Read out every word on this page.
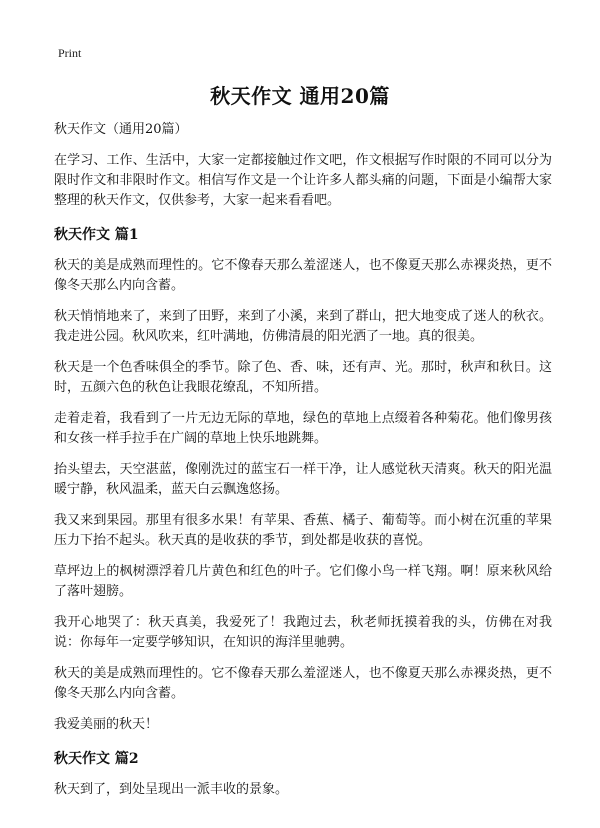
Print
秋天作文 通用20篇

秋天作文（通用20篇）

在学习、工作、生活中，大家一定都接触过作文吧，作文根据写作时限的不同可以分为限时作文和非限时作文。相信写作文是一个让许多人都头痛的问题，下面是小编帮大家整理的秋天作文，仅供参考，大家一起来看看吧。

秋天作文 篇1

秋天的美是成熟而理性的。它不像春天那么羞涩迷人，也不像夏天那么赤裸炎热，更不像冬天那么内向含蓄。

秋天悄悄地来了，来到了田野，来到了小溪，来到了群山，把大地变成了迷人的秋衣。我走进公园。秋风吹来，红叶满地，仿佛清晨的阳光洒了一地。真的很美。

秋天是一个色香味俱全的季节。除了色、香、味，还有声、光。那时，秋声和秋日。这时，五颜六色的秋色让我眼花缭乱，不知所措。

走着走着，我看到了一片无边无际的草地，绿色的草地上点缀着各种菊花。他们像男孩和女孩一样手拉手在广阔的草地上快乐地跳舞。

抬头望去，天空湛蓝，像刚洗过的蓝宝石一样干净，让人感觉秋天清爽。秋天的阳光温暖宁静，秋风温柔，蓝天白云飘逸悠扬。

我又来到果园。那里有很多水果！有苹果、香蕉、橘子、葡萄等。而小树在沉重的苹果压力下抬不起头。秋天真的是收获的季节，到处都是收获的喜悦。

草坪边上的枫树漂浮着几片黄色和红色的叶子。它们像小鸟一样飞翔。啊！原来秋风给了落叶翅膀。

我开心地哭了：秋天真美，我爱死了！我跑过去，秋老师抚摸着我的头，仿佛在对我说：你每年一定要学够知识，在知识的海洋里驰骋。

秋天的美是成熟而理性的。它不像春天那么羞涩迷人，也不像夏天那么赤裸炎热，更不像冬天那么内向含蓄。

我爱美丽的秋天！

秋天作文 篇2

秋天到了，到处呈现出一派丰收的景象。
